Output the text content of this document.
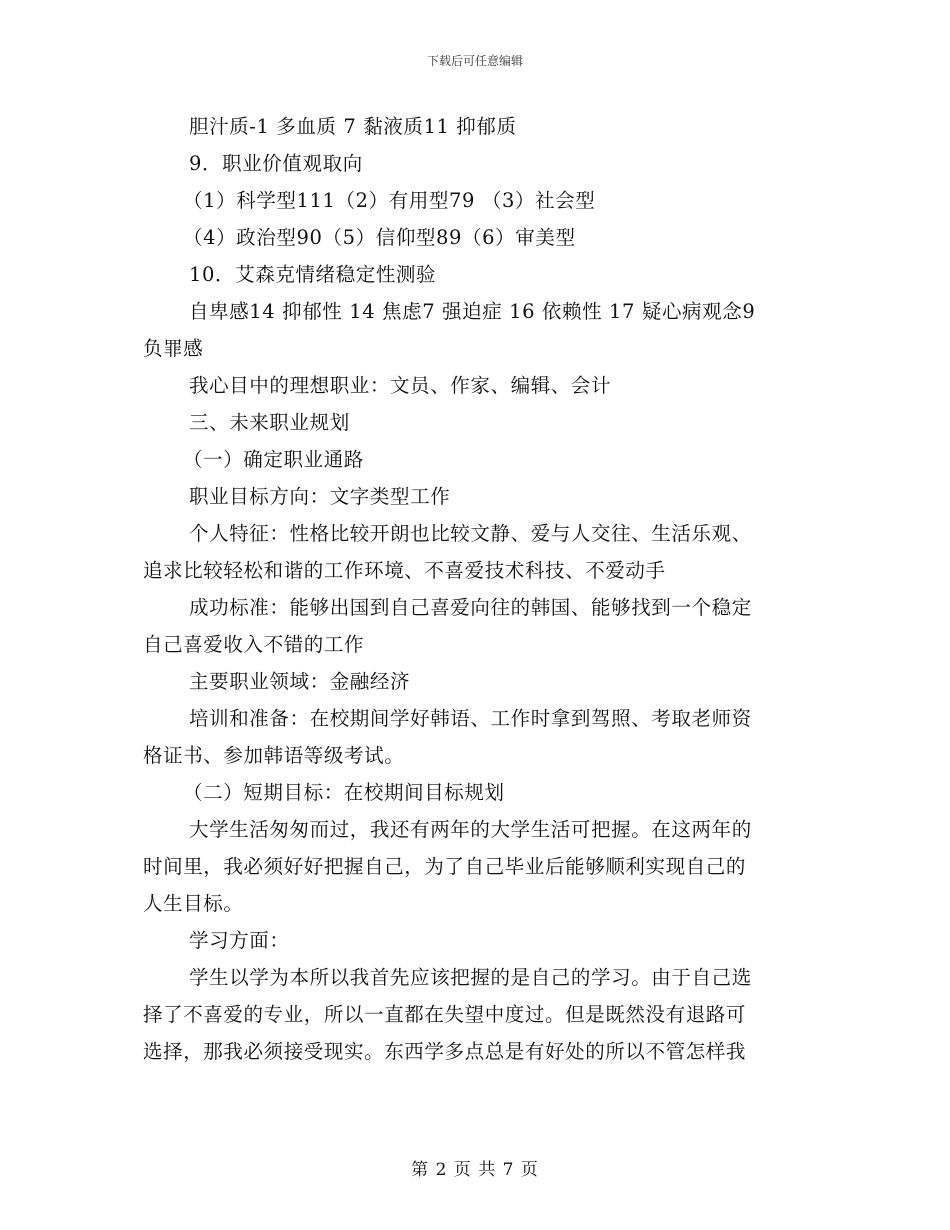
下载后可任意编辑
胆汁质-1 多血质 7 黏液质11 抑郁质
9．职业价值观取向
（1）科学型111（2）有用型79 （3）社会型
（4）政治型90（5）信仰型89（6）审美型
10．艾森克情绪稳定性测验
自卑感14 抑郁性 14 焦虑7 强迫症 16 依赖性 17 疑心病观念9
负罪感
我心目中的理想职业：文员、作家、编辑、会计
三、未来职业规划
（一）确定职业通路
职业目标方向：文字类型工作
个人特征：性格比较开朗也比较文静、爱与人交往、生活乐观、
追求比较轻松和谐的工作环境、不喜爱技术科技、不爱动手
成功标准：能够出国到自己喜爱向往的韩国、能够找到一个稳定
自己喜爱收入不错的工作
主要职业领域：金融经济
培训和准备：在校期间学好韩语、工作时拿到驾照、考取老师资
格证书、参加韩语等级考试。
（二）短期目标：在校期间目标规划
大学生活匆匆而过，我还有两年的大学生活可把握。在这两年的
时间里，我必须好好把握自己，为了自己毕业后能够顺利实现自己的
人生目标。
学习方面：
学生以学为本所以我首先应该把握的是自己的学习。由于自己选
择了不喜爱的专业，所以一直都在失望中度过。但是既然没有退路可
选择，那我必须接受现实。东西学多点总是有好处的所以不管怎样我
第 2 页 共 7 页
